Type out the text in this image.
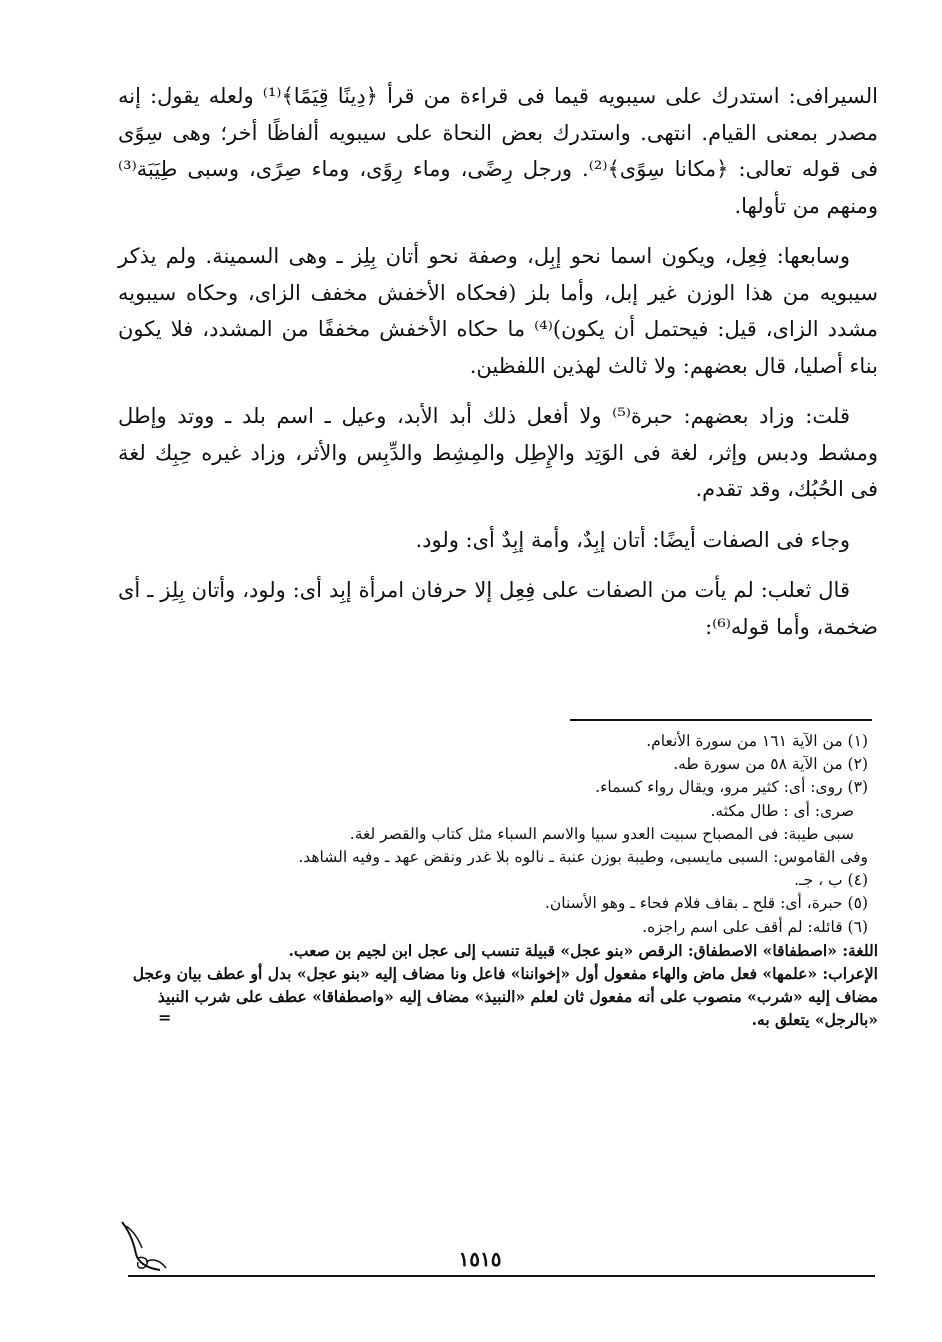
السيرافى: استدرك على سيبويه قيما فى قراءة من قرأ ﴿دِينًا قِيَمًا﴾⁽¹⁾ ولعله يقول: إنه مصدر بمعنى القيام. انتهى. واستدرك بعض النحاة على سيبويه ألفاظًا أخر؛ وهى سِوًى فى قوله تعالى: ﴿مكانا سِوًى﴾⁽²⁾. ورجل رِضًى، وماء رِوًى، وماء صِرًى، وسبى طِيَبَة⁽³⁾ ومنهم من تأولها.

وسابعها: فِعِل، ويكون اسما نحو إبِل، وصفة نحو أتان بِلِز ـ وهى السمينة. ولم يذكر سيبويه من هذا الوزن غير إبل، وأما بلز (فحكاه الأخفش مخفف الزاى، وحكاه سيبويه مشدد الزاى، قيل: فيحتمل أن يكون)⁽⁴⁾ ما حكاه الأخفش مخففًا من المشدد، فلا يكون بناء أصليا، قال بعضهم: ولا ثالث لهذين اللفظين.

قلت: وزاد بعضهم: حبرة⁽⁵⁾ ولا أفعل ذلك أبد الأبد، وعيل ـ اسم بلد ـ ووتد وإطل ومشط ودبس وإثر، لغة فى الوَتِد والإِطِل والمِشِط والدِّبِس والأثر، وزاد غيره حِبِك لغة فى الحُبُك، وقد تقدم.

وجاء فى الصفات أيضًا: أتان إبِدٌ، وأمة إبِدٌ أى: ولود.

قال ثعلب: لم يأت من الصفات على فِعِل إلا حرفان امرأة إبِد أى: ولود، وأتان بِلِز ـ أى ضخمة، وأما قوله⁽⁶⁾:

(١) من الآية ١٦١ من سورة الأنعام.

(٢) من الآية ٥٨ من سورة طه.

(٣) روى: أى: كثير مرو، ويقال رواء كسماء.

صرى: أى : طال مكثه.

سبى طيبة: فى المصباح سبيت العدو سبيا والاسم السباء مثل كتاب والقصر لغة.

وفى القاموس: السبى مايسبى، وطيبة بوزن عنبة ـ نالوه بلا غدر ونقض عهد ـ وفيه الشاهد.

(٤) ب ، جـ.

(٥) حبرة، أى: قلح ـ بقاف فلام فحاء ـ وهو الأسنان.

(٦) قائله: لم أقف على اسم راجزه.

اللغة: «اصطفاقا» الاصطفاق: الرقص «بنو عجل» قبيلة تنسب إلى عجل ابن لجيم بن صعب.

الإعراب: «علمها» فعل ماض والهاء مفعول أول «إخواننا» فاعل ونا مضاف إليه «بنو عجل» بدل أو عطف بيان وعجل مضاف إليه «شرب» منصوب على أنه مفعول ثان لعلم «النبيذ» مضاف إليه «واصطفاقا» عطف على شرب النبيذ «بالرجل» يتعلق به.
=

١٥١٥
